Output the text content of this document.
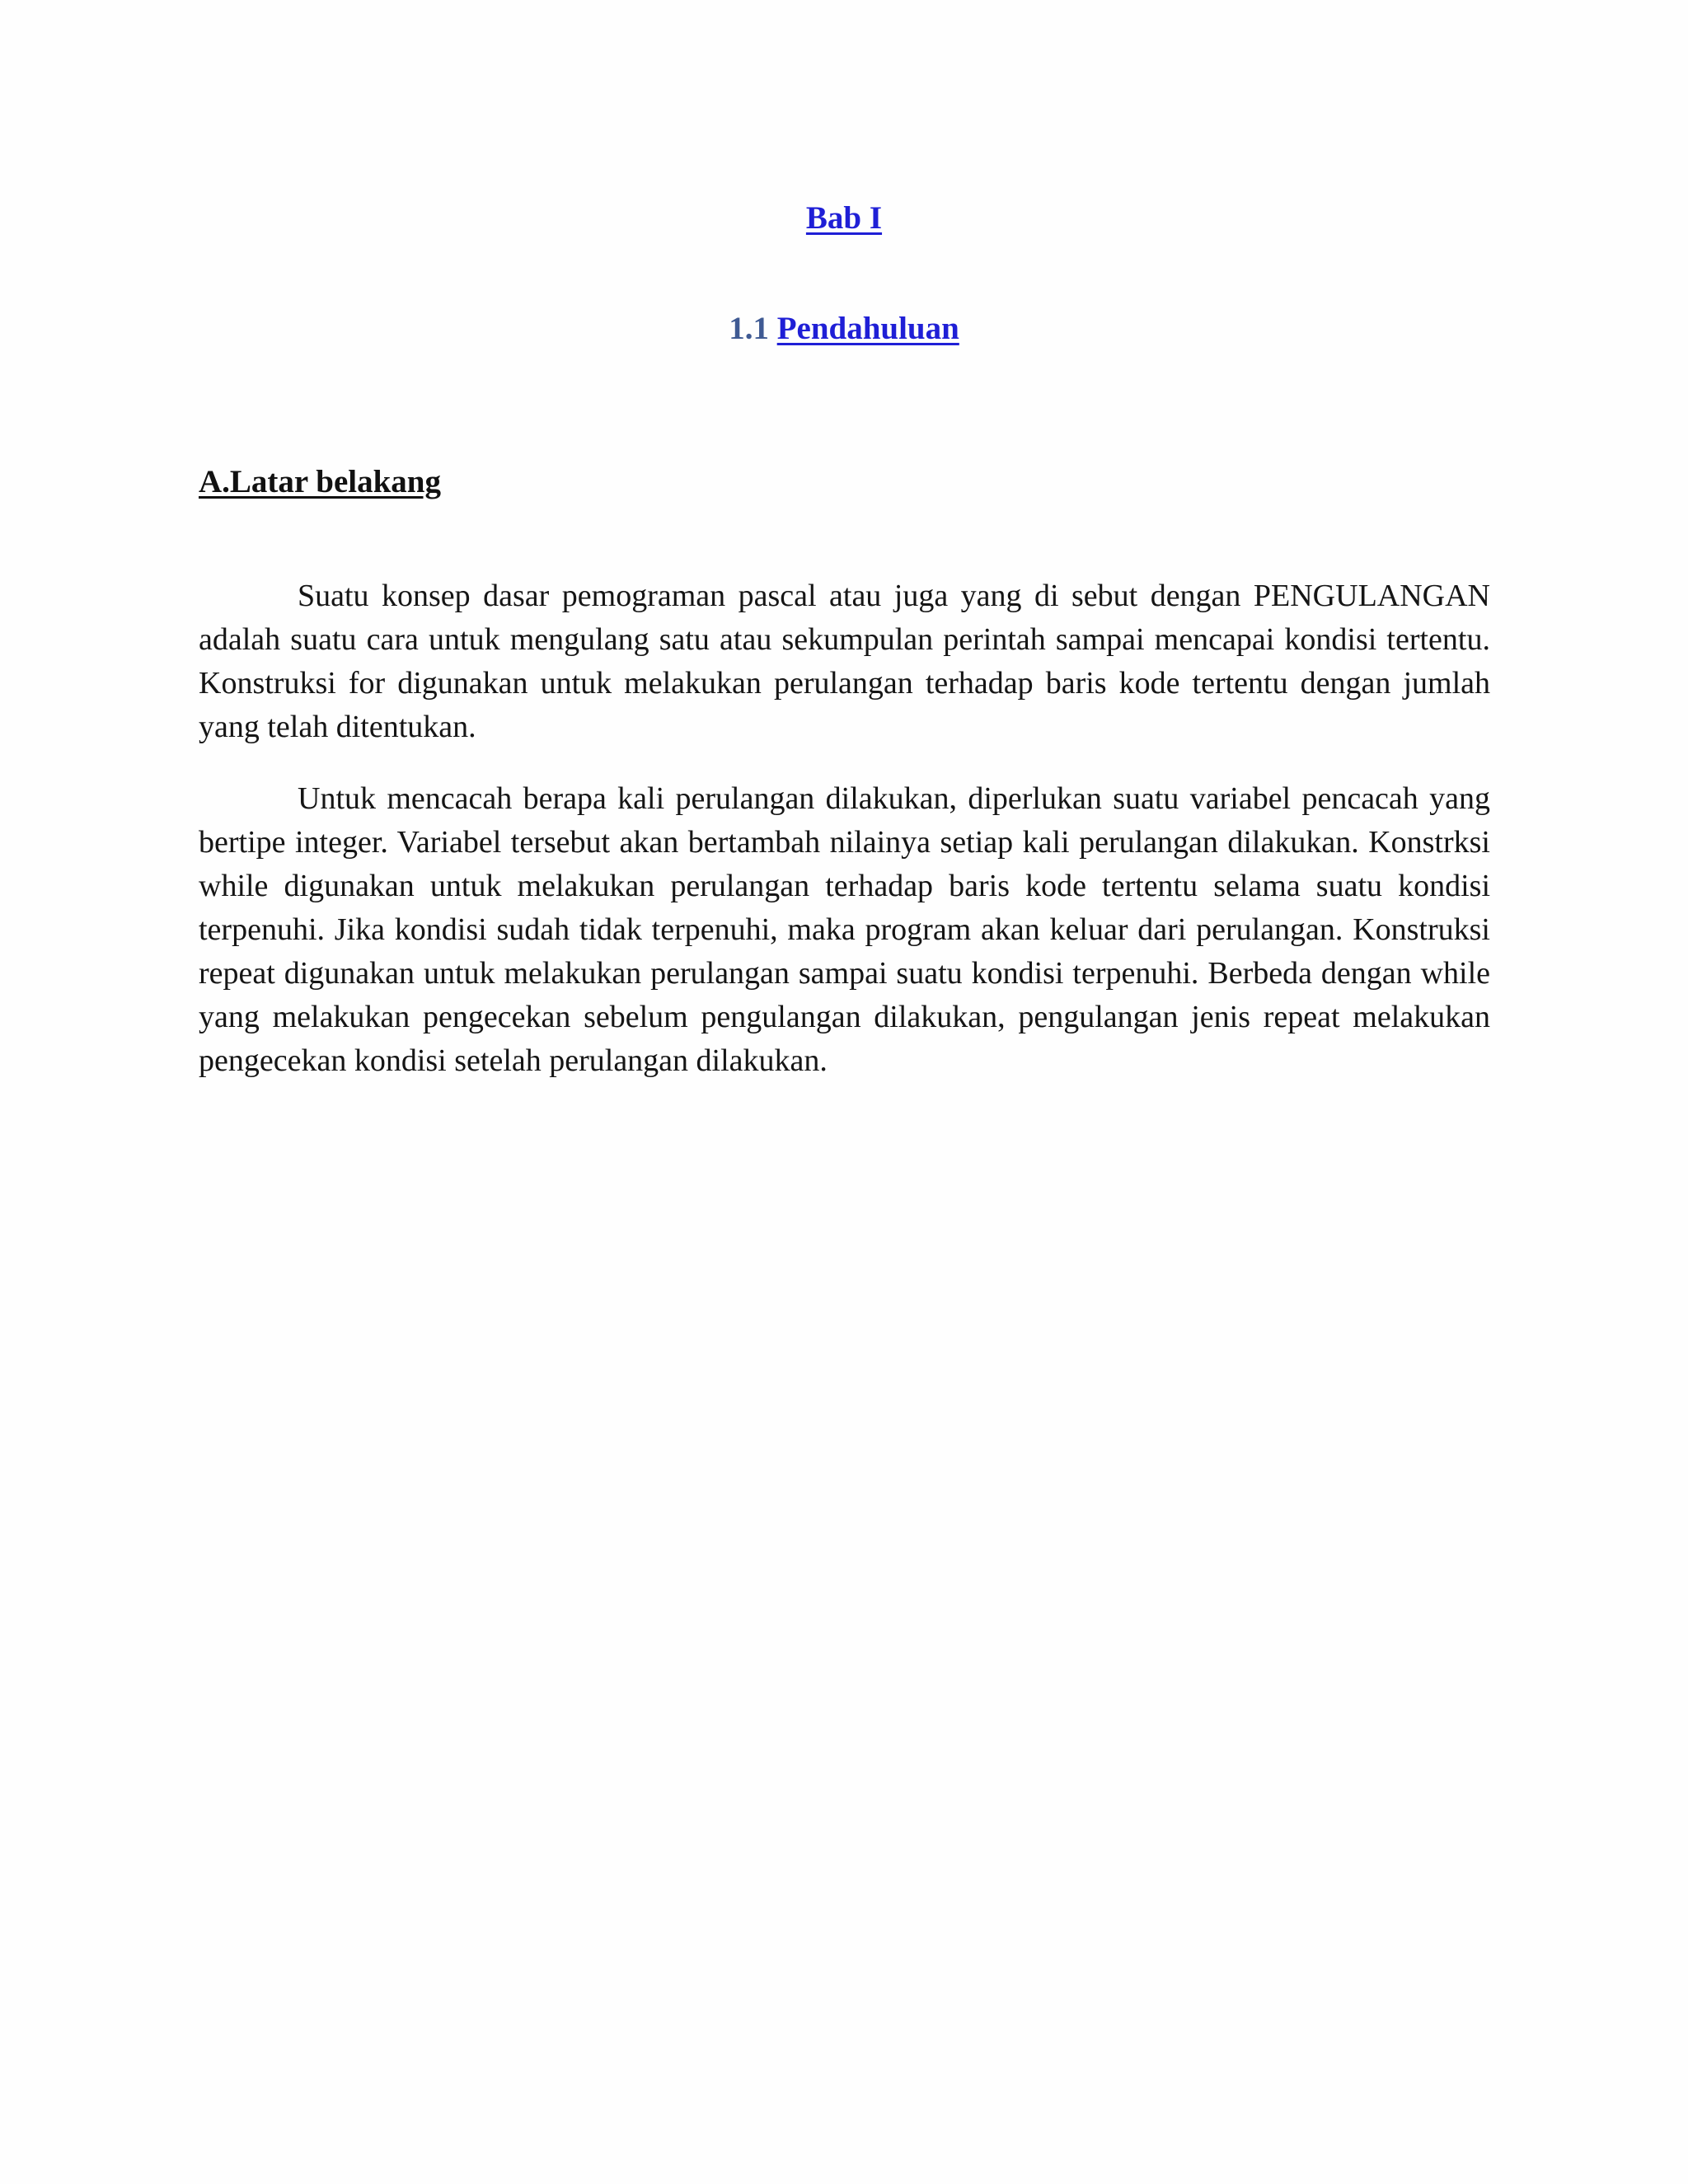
Bab I
1.1 Pendahuluan
A.Latar belakang

Suatu konsep dasar pemograman pascal atau juga yang di sebut dengan PENGULANGAN adalah suatu cara untuk mengulang satu atau sekumpulan perintah sampai mencapai kondisi tertentu. Konstruksi for digunakan untuk melakukan perulangan terhadap baris kode tertentu dengan jumlah yang telah ditentukan.

Untuk mencacah berapa kali perulangan dilakukan, diperlukan suatu variabel pencacah yang bertipe integer. Variabel tersebut akan bertambah nilainya setiap kali perulangan dilakukan. Konstrksi while digunakan untuk melakukan perulangan terhadap baris kode tertentu selama suatu kondisi terpenuhi. Jika kondisi sudah tidak terpenuhi, maka program akan keluar dari perulangan. Konstruksi repeat digunakan untuk melakukan perulangan sampai suatu kondisi terpenuhi. Berbeda dengan while yang melakukan pengecekan sebelum pengulangan dilakukan, pengulangan jenis repeat melakukan pengecekan kondisi setelah perulangan dilakukan.
